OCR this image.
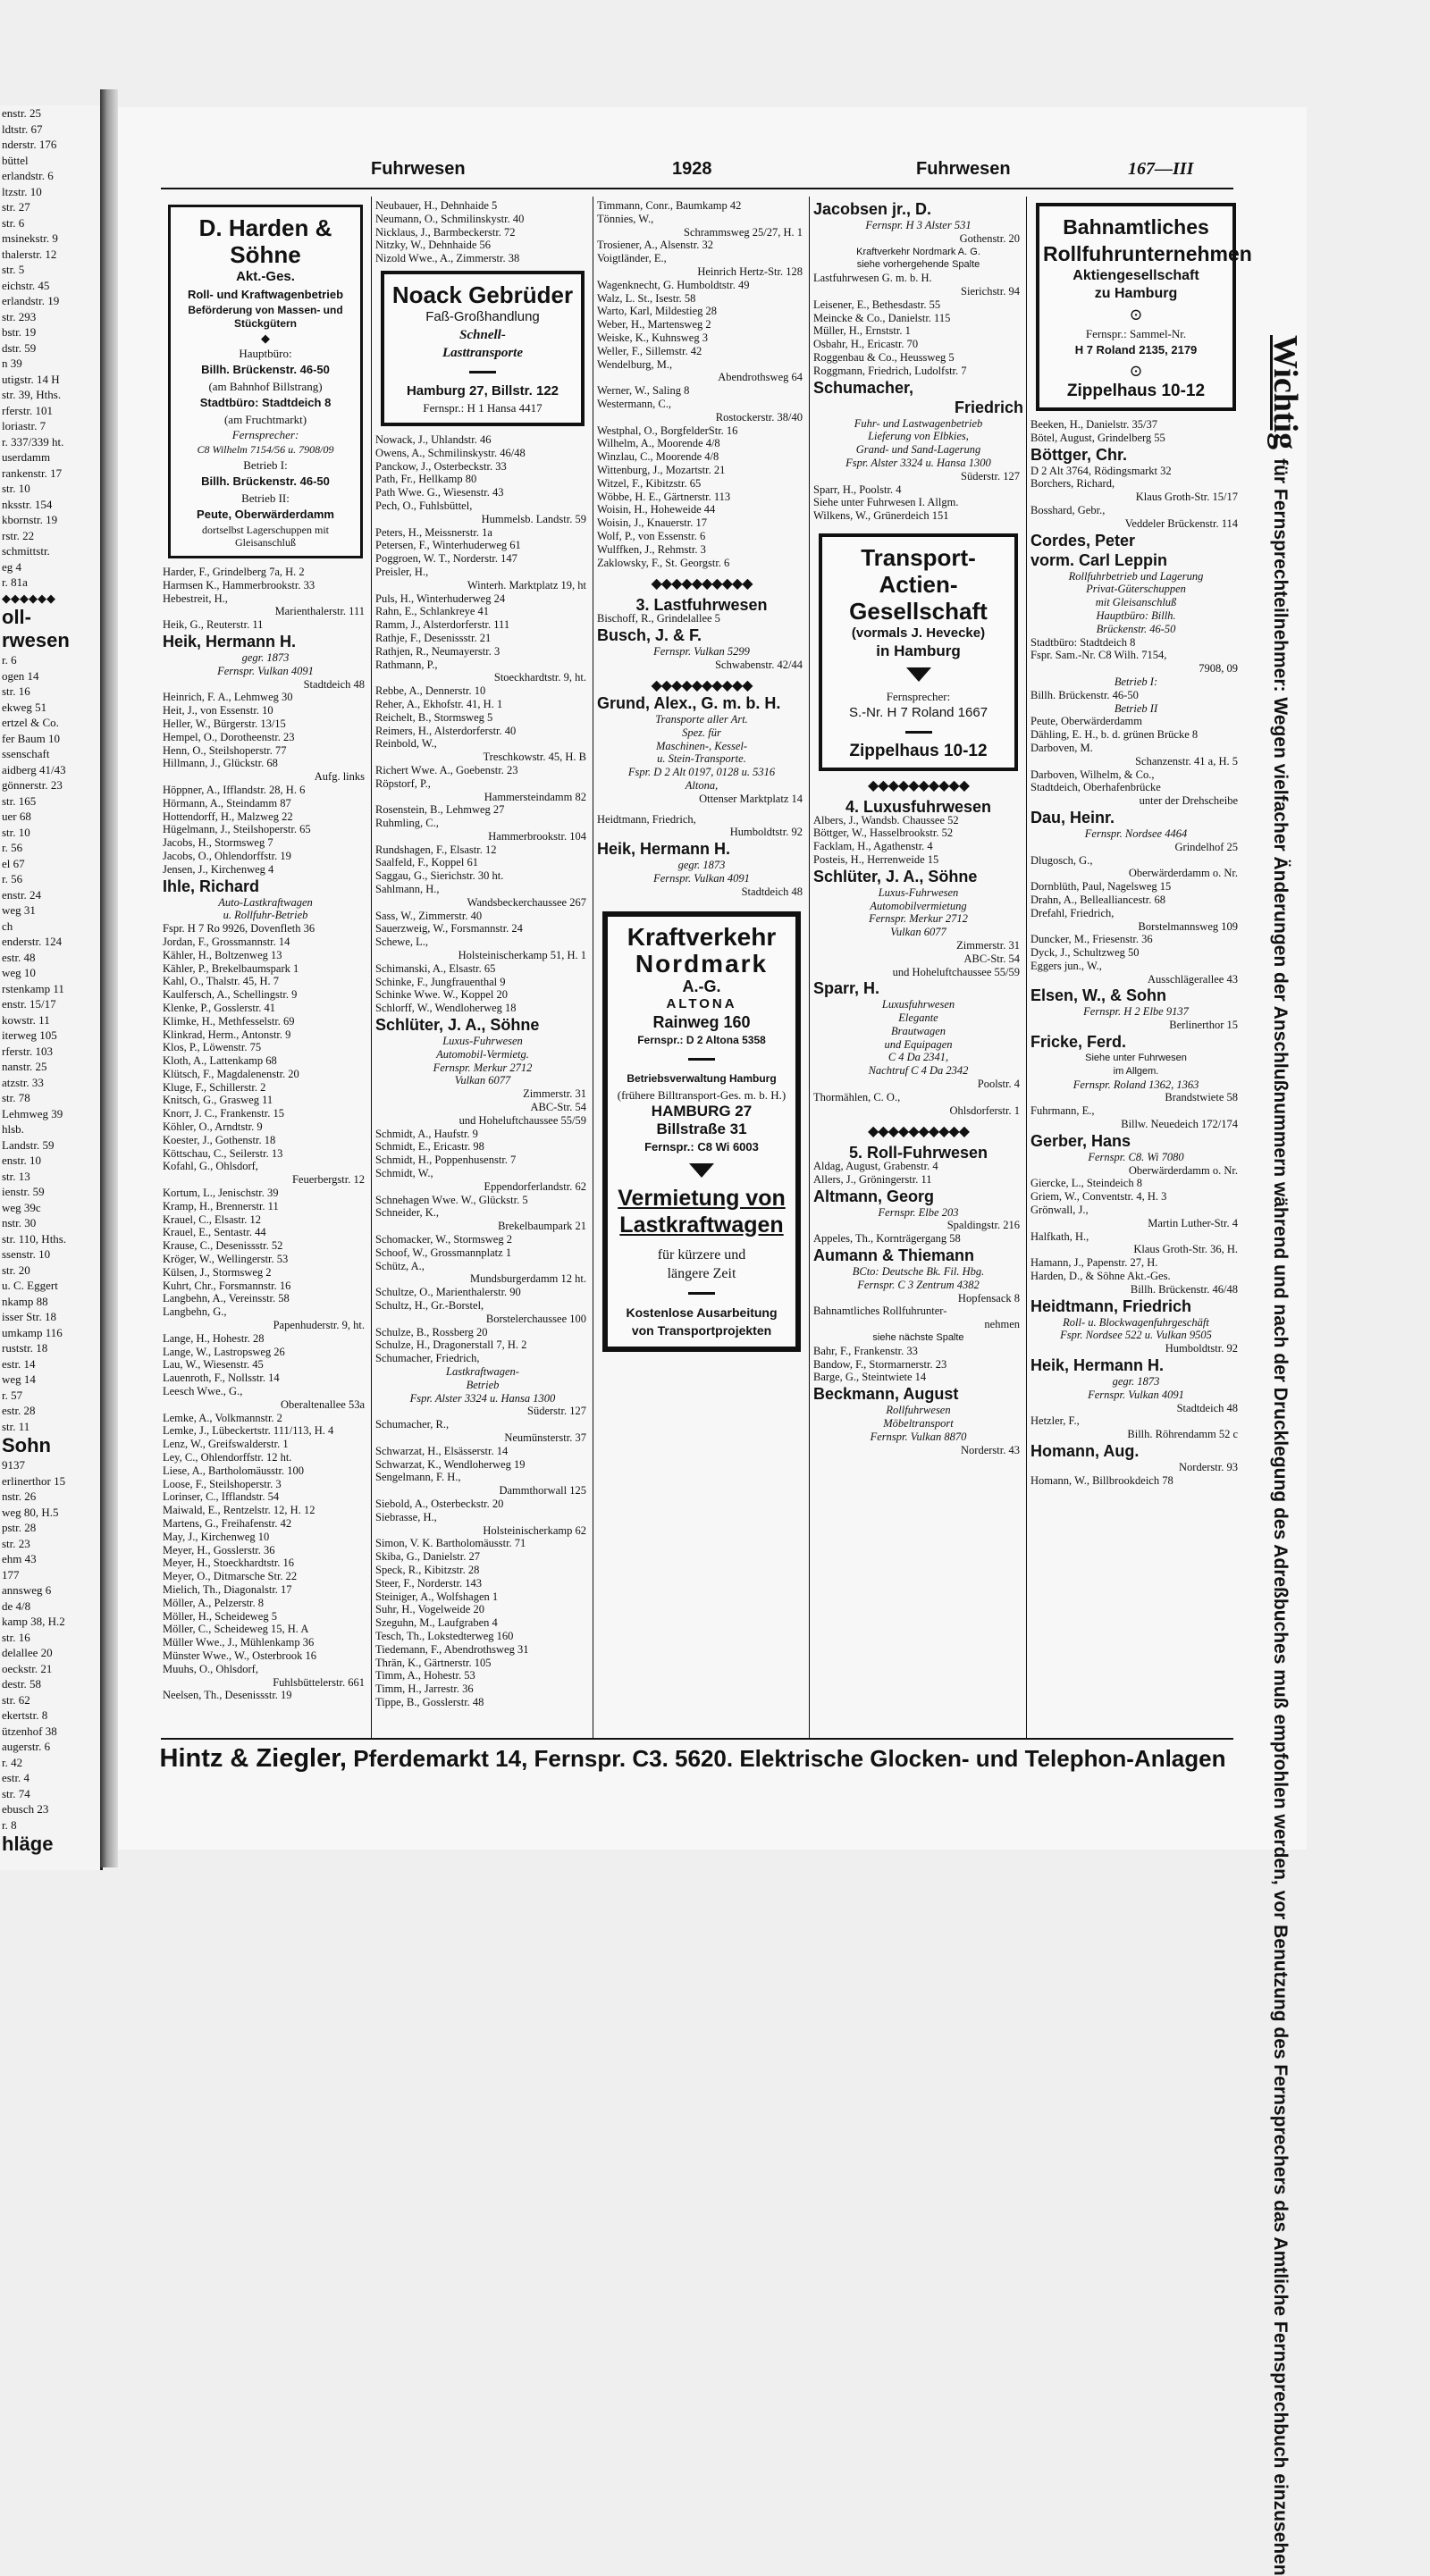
enstr. 25
ldtstr. 67
nderstr. 176
büttel
erlandstr. 6
ltzstr. 10
str. 27
str. 6
msinekstr. 9
thalerstr. 12
str. 5
eichstr. 45
erlandstr. 19
str. 293
bstr. 19
dstr. 59
n 39
utigstr. 14 H
str. 39, Hths.
rferstr. 101
loriastr. 7
r. 337/339 ht.
userdamm
rankenstr. 17
str. 10
nksstr. 154
kbornstr. 19
rstr. 22
schmittstr.
eg 4
r. 81a
◆◆◆◆◆◆
oll-
rwesen
r. 6
ogen 14
str. 16
ekweg 51
ertzel & Co.
fer Baum 10
ssenschaft
aidberg 41/43
gönnerstr. 23
str. 165
uer 68
str. 10
r. 56
el 67
r. 56
enstr. 24
weg 31
ch
enderstr. 124
estr. 48
weg 10
rstenkamp 11
enstr. 15/17
kowstr. 11
iterweg 105
rferstr. 103
nanstr. 25
atzstr. 33
str. 78
Lehmweg 39
hlsb.
Landstr. 59
enstr. 10
str. 13
ienstr. 59
weg 39c
nstr. 30
str. 110, Hths.
ssenstr. 10
str. 20
u. C. Eggert
nkamp 88
isser Str. 18
umkamp 116
ruststr. 18
estr. 14
weg 14
r. 57
estr. 28
str. 11
Sohn
9137
erlinerthor 15
nstr. 26
weg 80, H.5
pstr. 28
str. 23
ehm 43
177
annsweg 6
de 4/8
kamp 38, H.2
str. 16
delallee 20
oeckstr. 21
destr. 58
str. 62
ekertstr. 8
ützenhof 38
augerstr. 6
r. 42
estr. 4
str. 74
ebusch 23
r. 8
hläge
Fuhrwesen	1928	Fuhrwesen	167—III
D. Harden & Söhne
Akt.-Ges.
Roll- und Kraftwagenbetrieb
Beförderung von Massen- und Stückgütern
◆
Hauptbüro:
Billh. Brückenstr. 46-50
(am Bahnhof Billstrang)
Stadtbüro: Stadtdeich 8
(am Fruchtmarkt)
Fernsprecher:
C8 Wilhelm 7154/56 u. 7908/09
Betrieb I:
Billh. Brückenstr. 46-50
Betrieb II:
Peute, Oberwärderdamm
dortselbst Lagerschuppen mit Gleisanschluß
Harder, F., Grindelberg 7a, H. 2
Harmsen K., Hammerbrookstr. 33
Hebestreit, H.,
Marienthalerstr. 111
Heik, G., Reuterstr. 11
Heik, Hermann H.
gegr. 1873
Fernspr. Vulkan 4091
Stadtdeich 48
Heinrich, F. A., Lehmweg 30
Heit, J., von Essenstr. 10
Heller, W., Bürgerstr. 13/15
Hempel, O., Dorotheenstr. 23
Henn, O., Steilshoperstr. 77
Hillmann, J., Glückstr. 68
Aufg. links
Höppner, A., Ifflandstr. 28, H. 6
Hörmann, A., Steindamm 87
Hottendorff, H., Malzweg 22
Hügelmann, J., Steilshoperstr. 65
Jacobs, H., Stormsweg 7
Jacobs, O., Ohlendorffstr. 19
Jensen, J., Kirchenweg 4
Ihle, Richard
Auto-Lastkraftwagen
u. Rollfuhr-Betrieb
Fspr. H 7 Ro 9926, Dovenfleth 36
Jordan, F., Grossmannstr. 14
Kähler, H., Boltzenweg 13
Kähler, P., Brekelbaumspark 1
Kahl, O., Thalstr. 45, H. 7
Kaulfersch, A., Schellingstr. 9
Klenke, P., Gosslerstr. 41
Klimke, H., Methfesselstr. 69
Klinkrad, Herm., Antonstr. 9
Klos, P., Löwenstr. 75
Kloth, A., Lattenkamp 68
Klütsch, F., Magdalenenstr. 20
Kluge, F., Schillerstr. 2
Knitsch, G., Grasweg 11
Knorr, J. C., Frankenstr. 15
Köhler, O., Arndtstr. 9
Koester, J., Gothenstr. 18
Köttschau, C., Seilerstr. 13
Kofahl, G., Ohlsdorf,
Feuerbergstr. 12
Kortum, L., Jenischstr. 39
Kramp, H., Brennerstr. 11
Krauel, C., Elsastr. 12
Krauel, E., Sentastr. 44
Krause, C., Desenissstr. 52
Kröger, W., Wellingerstr. 53
Külsen, J., Stormsweg 2
Kuhrt, Chr., Forsmannstr. 16
Langbehn, A., Vereinsstr. 58
Langbehn, G.,
Papenhuderstr. 9, ht.
Lange, H., Hohestr. 28
Lange, W., Lastropsweg 26
Lau, W., Wiesenstr. 45
Lauenroth, F., Nollsstr. 14
Leesch Wwe., G.,
Oberaltenallee 53a
Lemke, A., Volkmannstr. 2
Lemke, J., Lübeckertstr. 111/113, H. 4
Lenz, W., Greifswalderstr. 1
Ley, C., Ohlendorffstr. 12 ht.
Liese, A., Bartholomäusstr. 100
Loose, F., Steilshoperstr. 3
Lorinser, C., Ifflandstr. 54
Maiwald, E., Rentzelstr. 12, H. 12
Martens, G., Freihafenstr. 42
May, J., Kirchenweg 10
Meyer, H., Gosslerstr. 36
Meyer, H., Stoeckhardtstr. 16
Meyer, O., Ditmarsche Str. 22
Mielich, Th., Diagonalstr. 17
Möller, A., Pelzerstr. 8
Möller, H., Scheideweg 5
Möller, C., Scheideweg 15, H. A
Müller Wwe., J., Mühlenkamp 36
Münster Wwe., W., Osterbrook 16
Muuhs, O., Ohlsdorf,
Fuhlsbüttelerstr. 661
Neelsen, Th., Desenissstr. 19
Neubauer, H., Dehnhaide 5
Neumann, O., Schmilinskystr. 40
Nicklaus, J., Barmbeckerstr. 72
Nitzky, W., Dehnhaide 56
Nizold Wwe., A., Zimmerstr. 38
Noack Gebrüder
Faß-Großhandlung
Schnell-
Lasttransporte
Hamburg 27, Billstr. 122
Fernspr.: H 1 Hansa 4417
Nowack, J., Uhlandstr. 46
Owens, A., Schmilinskystr. 46/48
Panckow, J., Osterbeckstr. 33
Path, Fr., Hellkamp 80
Path Wwe. G., Wiesenstr. 43
Pech, O., Fuhlsbüttel,
Hummelsb. Landstr. 59
Peters, H., Meissnerstr. 1a
Petersen, F., Winterhuderweg 61
Poggroen, W. T., Norderstr. 147
Preisler, H.,
Winterh. Marktplatz 19, ht
Puls, H., Winterhuderweg 24
Rahn, E., Schlankreye 41
Ramm, J., Alsterdorferstr. 111
Rathje, F., Desenissstr. 21
Rathjen, R., Neumayerstr. 3
Rathmann, P.,
Stoeckhardtstr. 9, ht.
Rebbe, A., Dennerstr. 10
Reher, A., Ekhofstr. 41, H. 1
Reichelt, B., Stormsweg 5
Reimers, H., Alsterdorferstr. 40
Reinbold, W.,
Treschkowstr. 45, H. B
Richert Wwe. A., Goebenstr. 23
Röpstorf, P.,
Hammersteindamm 82
Rosenstein, B., Lehmweg 27
Ruhmling, C.,
Hammerbrookstr. 104
Rundshagen, F., Elsastr. 12
Saalfeld, F., Koppel 61
Saggau, G., Sierichstr. 30 ht.
Sahlmann, H.,
Wandsbeckerchaussee 267
Sass, W., Zimmerstr. 40
Sauerzweig, W., Forsmannstr. 24
Schewe, L.,
Holsteinischerkamp 51, H. 1
Schimanski, A., Elsastr. 65
Schinke, F., Jungfrauenthal 9
Schinke Wwe. W., Koppel 20
Schlorff, W., Wendloherweg 18
Schlüter, J. A., Söhne
Luxus-Fuhrwesen
Automobil-Vermietg.
Fernspr. Merkur 2712
Vulkan 6077
Zimmerstr. 31
ABC-Str. 54
und Hoheluftchaussee 55/59
Schmidt, A., Haufstr. 9
Schmidt, E., Ericastr. 98
Schmidt, H., Poppenhusenstr. 7
Schmidt, W.,
Eppendorferlandstr. 62
Schnehagen Wwe. W., Glückstr. 5
Schneider, K.,
Brekelbaumpark 21
Schomacker, W., Stormsweg 2
Schoof, W., Grossmannplatz 1
Schütz, A.,
Mundsburgerdamm 12 ht.
Schultze, O., Marienthalerstr. 90
Schultz, H., Gr.-Borstel,
Borstelerchaussee 100
Schulze, B., Rossberg 20
Schulze, H., Dragonerstall 7, H. 2
Schumacher, Friedrich,
Lastkraftwagen-
Betrieb
Fspr. Alster 3324 u. Hansa 1300
Süderstr. 127
Schumacher, R.,
Neumünsterstr. 37
Schwarzat, H., Elsässerstr. 14
Schwarzat, K., Wendloherweg 19
Sengelmann, F. H.,
Dammthorwall 125
Siebold, A., Osterbeckstr. 20
Siebrasse, H.,
Holsteinischerkamp 62
Simon, V. K. Bartholomäusstr. 71
Skiba, G., Danielstr. 27
Speck, R., Kibitzstr. 28
Steer, F., Norderstr. 143
Steiniger, A., Wolfshagen 1
Suhr, H., Vogelweide 20
Szeguhn, M., Laufgraben 4
Tesch, Th., Lokstedterweg 160
Tiedemann, F., Abendrothsweg 31
Thrän, K., Gärtnerstr. 105
Timm, A., Hohestr. 53
Timm, H., Jarrestr. 36
Tippe, B., Gosslerstr. 48
Timmann, Conr., Baumkamp 42
Tönnies, W.,
Schrammsweg 25/27, H. 1
Trosiener, A., Alsenstr. 32
Voigtländer, E.,
Heinrich Hertz-Str. 128
Wagenknecht, G. Humboldtstr. 49
Walz, L. St., Isestr. 58
Warto, Karl, Mildestieg 28
Weber, H., Martensweg 2
Weiske, K., Kuhnsweg 3
Weller, F., Sillemstr. 42
Wendelburg, M.,
Abendrothsweg 64
Werner, W., Saling 8
Westermann, C.,
Rostockerstr. 38/40
Westphal, O., BorgfelderStr. 16
Wilhelm, A., Moorende 4/8
Winzlau, C., Moorende 4/8
Wittenburg, J., Mozartstr. 21
Witzel, F., Kibitzstr. 65
Wöbbe, H. E., Gärtnerstr. 113
Woisin, H., Hoheweide 44
Woisin, J., Knauerstr. 17
Wolf, P., von Essenstr. 6
Wulffken, J., Rehmstr. 3
Zaklowsky, F., St. Georgstr. 6
◆◆◆◆◆◆◆◆◆◆
3. Lastfuhrwesen
Bischoff, R., Grindelallee 5
Busch, J. & F.
Fernspr. Vulkan 5299
Schwabenstr. 42/44
◆◆◆◆◆◆◆◆◆◆
Grund, Alex., G. m. b. H.
Transporte aller Art.
Spez. für
Maschinen-, Kessel-
u. Stein-Transporte.
Fspr. D 2 Alt 0197, 0128 u. 5316
Altona,
Ottenser Marktplatz 14
Heidtmann, Friedrich,
Humboldtstr. 92
Heik, Hermann H.
gegr. 1873
Fernspr. Vulkan 4091
Stadtdeich 48
Kraftverkehr
Nordmark
A.-G.
ALTONA
Rainweg 160
Fernspr.: D 2 Altona 5358
Betriebsverwaltung Hamburg
(frühere Billtransport-Ges. m. b. H.)
HAMBURG 27
Billstraße 31
Fernspr.: C8 Wi 6003
Vermietung von
Lastkraftwagen
für kürzere und
längere Zeit
Kostenlose Ausarbeitung
von Transportprojekten
Jacobsen jr., D.
Fernspr. H 3 Alster 531
Gothenstr. 20
Kraftverkehr Nordmark A. G.
siehe vorhergehende Spalte
Lastfuhrwesen G. m. b. H.
Sierichstr. 94
Leisener, E., Bethesdastr. 55
Meincke & Co., Danielstr. 115
Müller, H., Ernststr. 1
Osbahr, H., Ericastr. 70
Roggenbau & Co., Heussweg 5
Roggmann, Friedrich, Ludolfstr. 7
Schumacher,
Friedrich
Fuhr- und Lastwagenbetrieb
Lieferung von Elbkies,
Grand- und Sand-Lagerung
Fspr. Alster 3324 u. Hansa 1300
Süderstr. 127
Sparr, H., Poolstr. 4
Siehe unter Fuhrwesen I. Allgm.
Wilkens, W., Grünerdeich 151
Transport-Actien-
Gesellschaft
(vormals J. Hevecke)
in Hamburg
Fernsprecher:
S.-Nr. H 7 Roland 1667
Zippelhaus 10-12
◆◆◆◆◆◆◆◆◆◆
4. Luxusfuhrwesen
Albers, J., Wandsb. Chaussee 52
Böttger, W., Hasselbrookstr. 52
Facklam, H., Agathenstr. 4
Posteis, H., Herrenweide 15
Schlüter, J. A., Söhne
Luxus-Fuhrwesen
Automobilvermietung
Fernspr. Merkur 2712
Vulkan 6077
Zimmerstr. 31
ABC-Str. 54
und Hoheluftchaussee 55/59
Sparr, H.
Luxusfuhrwesen
Elegante
Brautwagen
und Equipagen
C 4 Da 2341,
Nachtruf C 4 Da 2342
Poolstr. 4
Thormählen, C. O.,
Ohlsdorferstr. 1
◆◆◆◆◆◆◆◆◆◆
5. Roll-Fuhrwesen
Aldag, August, Grabenstr. 4
Allers, J., Gröningerstr. 11
Altmann, Georg
Fernspr. Elbe 203
Spaldingstr. 216
Appeles, Th., Kornträgergang 58
Aumann & Thiemann
BCto: Deutsche Bk. Fil. Hbg.
Fernspr. C 3 Zentrum 4382
Hopfensack 8
Bahnamtliches Rollfuhrunter-
nehmen
siehe nächste Spalte
Bahr, F., Frankenstr. 33
Bandow, F., Stormarnerstr. 23
Barge, G., Steintwiete 14
Beckmann, August
Rollfuhrwesen
Möbeltransport
Fernspr. Vulkan 8870
Norderstr. 43
Bahnamtliches
Rollfuhrunternehmen
Aktiengesellschaft
zu Hamburg
⊙
Fernspr.: Sammel-Nr.
H 7 Roland 2135, 2179
⊙
Zippelhaus 10-12
Beeken, H., Danielstr. 35/37
Bötel, August, Grindelberg 55
Böttger, Chr.
D 2 Alt 3764, Rödingsmarkt 32
Borchers, Richard,
Klaus Groth-Str. 15/17
Bosshard, Gebr.,
Veddeler Brückenstr. 114
Cordes, Peter
vorm. Carl Leppin
Rollfuhrbetrieb und Lagerung
Privat-Güterschuppen
mit Gleisanschluß
Hauptbüro: Billh.
Brückenstr. 46-50
Stadtbüro: Stadtdeich 8
Fspr. Sam.-Nr. C8 Wilh. 7154,
7908, 09
Betrieb I:
Billh. Brückenstr. 46-50
Betrieb II
Peute, Oberwärderdamm
Dähling, E. H., b. d. grünen Brücke 8
Darboven, M.
Schanzenstr. 41 a, H. 5
Darboven, Wilhelm, & Co.,
Stadtdeich, Oberhafenbrücke
unter der Drehscheibe
Dau, Heinr.
Fernspr. Nordsee 4464
Grindelhof 25
Dlugosch, G.,
Oberwärderdamm o. Nr.
Dornblüth, Paul, Nagelsweg 15
Drahn, A., Bellealliancestr. 68
Drefahl, Friedrich,
Borstelmannsweg 109
Duncker, M., Friesenstr. 36
Dyck, J., Schultzweg 50
Eggers jun., W.,
Ausschlägerallee 43
Elsen, W., & Sohn
Fernspr. H 2 Elbe 9137
Berlinerthor 15
Fricke, Ferd.
Siehe unter Fuhrwesen
im Allgem.
Fernspr. Roland 1362, 1363
Brandstwiete 58
Fuhrmann, E.,
Billw. Neuedeich 172/174
Gerber, Hans
Fernspr. C8. Wi 7080
Oberwärderdamm o. Nr.
Giercke, L., Steindeich 8
Griem, W., Conventstr. 4, H. 3
Grönwall, J.,
Martin Luther-Str. 4
Halfkath, H.,
Klaus Groth-Str. 36, H.
Hamann, J., Papenstr. 27, H.
Harden, D., & Söhne Akt.-Ges.
Billh. Brückenstr. 46/48
Heidtmann, Friedrich
Roll- u. Blockwagenfuhrgeschäft
Fspr. Nordsee 522 u. Vulkan 9505
Humboldtstr. 92
Heik, Hermann H.
gegr. 1873
Fernspr. Vulkan 4091
Stadtdeich 48
Hetzler, F.,
Billh. Röhrendamm 52 c
Homann, Aug.
Norderstr. 93
Homann, W., Billbrookdeich 78
Wichtigfür Fernsprechteilnehmer: Wegen vielfacher Änderungen der Anschlußnummern während und nach der Drucklegung des Adreßbuches muß empfohlen werden, vor Benutzung des Fernsprechers das Amtliche Fernsprechbuch einzusehen
Hintz & Ziegler, Pferdemarkt 14, Fernspr. C3. 5620. Elektrische Glocken- und Telephon-Anlagen
